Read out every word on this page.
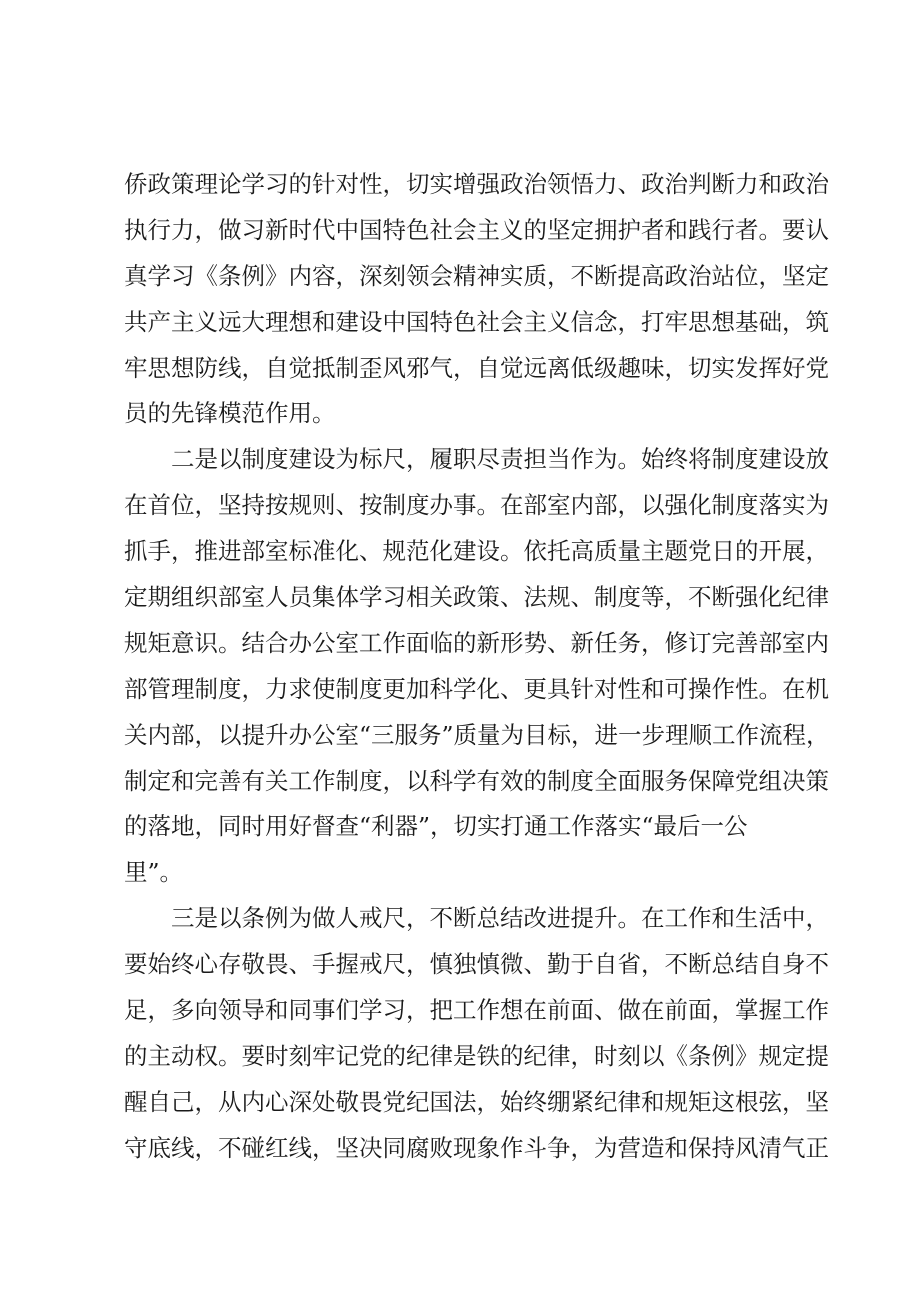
侨政策理论学习的针对性，切实增强政治领悟力、政治判断力和政治
执行力，做习新时代中国特色社会主义的坚定拥护者和践行者。要认
真学习《条例》内容，深刻领会精神实质，不断提高政治站位，坚定
共产主义远大理想和建设中国特色社会主义信念，打牢思想基础，筑
牢思想防线，自觉抵制歪风邪气，自觉远离低级趣味，切实发挥好党
员的先锋模范作用。
二是以制度建设为标尺，履职尽责担当作为。始终将制度建设放
在首位，坚持按规则、按制度办事。在部室内部，以强化制度落实为
抓手，推进部室标准化、规范化建设。依托高质量主题党日的开展，
定期组织部室人员集体学习相关政策、法规、制度等，不断强化纪律
规矩意识。结合办公室工作面临的新形势、新任务，修订完善部室内
部管理制度，力求使制度更加科学化、更具针对性和可操作性。在机
关内部，以提升办公室“三服务”质量为目标，进一步理顺工作流程，
制定和完善有关工作制度，以科学有效的制度全面服务保障党组决策
的落地，同时用好督查“利器”，切实打通工作落实“最后一公
里”。
三是以条例为做人戒尺，不断总结改进提升。在工作和生活中，
要始终心存敬畏、手握戒尺，慎独慎微、勤于自省，不断总结自身不
足，多向领导和同事们学习，把工作想在前面、做在前面，掌握工作
的主动权。要时刻牢记党的纪律是铁的纪律，时刻以《条例》规定提
醒自己，从内心深处敬畏党纪国法，始终绷紧纪律和规矩这根弦，坚
守底线，不碰红线，坚决同腐败现象作斗争，为营造和保持风清气正
